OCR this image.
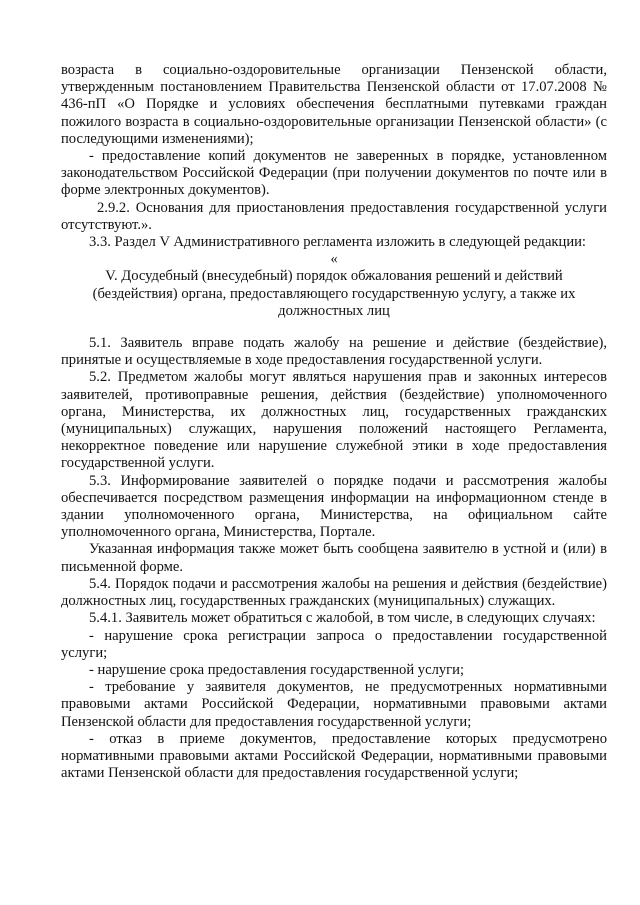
возраста в социально-оздоровительные организации Пензенской области, утвержденным постановлением Правительства Пензенской области от 17.07.2008 № 436-пП «О Порядке и условиях обеспечения бесплатными путевками граждан пожилого возраста в социально-оздоровительные организации Пензенской области» (с последующими изменениями);

- предоставление копий документов не заверенных в порядке, установленном законодательством Российской Федерации (при получении документов по почте или в форме электронных документов).

2.9.2. Основания для приостановления предоставления государственной услуги отсутствуют.».

3.3. Раздел V Административного регламента изложить в следующей редакции:

«

V. Досудебный (внесудебный) порядок обжалования решений и действий (бездействия) органа, предоставляющего государственную услугу, а также их должностных лиц

5.1. Заявитель вправе подать жалобу на решение и действие (бездействие), принятые и осуществляемые в ходе предоставления государственной услуги.

5.2. Предметом жалобы могут являться нарушения прав и законных интересов заявителей, противоправные решения, действия (бездействие) уполномоченного органа, Министерства, их должностных лиц, государственных гражданских (муниципальных) служащих, нарушения положений настоящего Регламента, некорректное поведение или нарушение служебной этики в ходе предоставления государственной услуги.

5.3. Информирование заявителей о порядке подачи и рассмотрения жалобы обеспечивается посредством размещения информации на информационном стенде в здании уполномоченного органа, Министерства, на официальном сайте уполномоченного органа, Министерства, Портале.

Указанная информация также может быть сообщена заявителю в устной и (или) в письменной форме.

5.4. Порядок подачи и рассмотрения жалобы на решения и действия (бездействие) должностных лиц, государственных гражданских (муниципальных) служащих.

5.4.1. Заявитель может обратиться с жалобой, в том числе, в следующих случаях:

- нарушение срока регистрации запроса о предоставлении государственной услуги;

- нарушение срока предоставления государственной услуги;

- требование у заявителя документов, не предусмотренных нормативными правовыми актами Российской Федерации, нормативными правовыми актами Пензенской области для предоставления государственной услуги;

- отказ в приеме документов, предоставление которых предусмотрено нормативными правовыми актами Российской Федерации, нормативными правовыми актами Пензенской области для предоставления государственной услуги;
